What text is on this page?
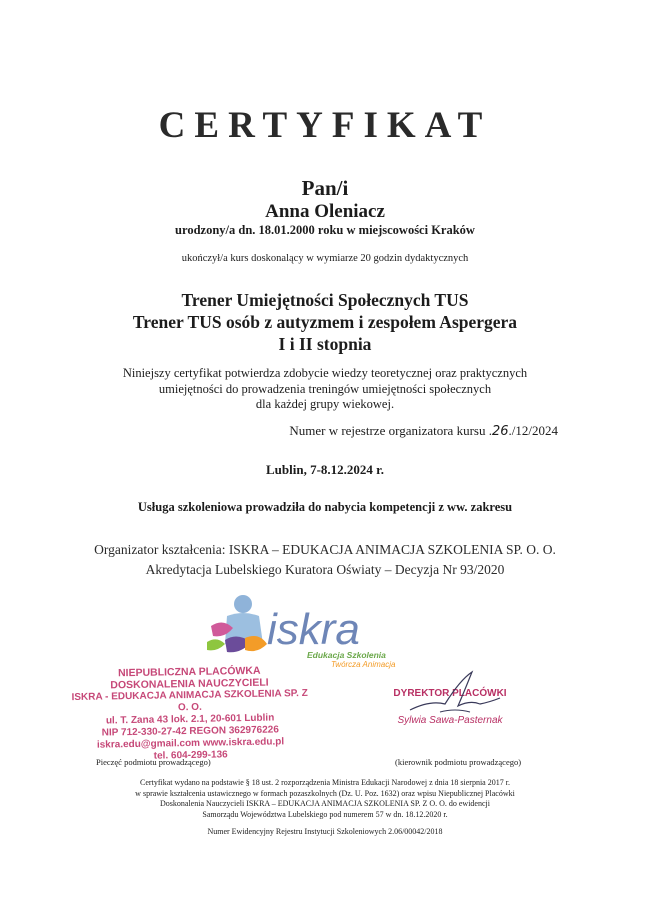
CERTYFIKAT
Pan/i
Anna Oleniacz
urodzony/a dn. 18.01.2000 roku w miejscowości Kraków
ukończył/a kurs doskonalący w wymiarze 20 godzin dydaktycznych
Trener Umiejętności Społecznych TUS
Trener TUS osób z autyzmem i zespołem Aspergera
I i II stopnia
Niniejszy certyfikat potwierdza zdobycie wiedzy teoretycznej oraz praktycznych
umiejętności do prowadzenia treningów umiejętności społecznych
dla każdej grupy wiekowej.
Numer w rejestrze organizatora kursu .26./12/2024
Lublin, 7-8.12.2024 r.
Usługa szkoleniowa prowadziła do nabycia kompetencji z ww. zakresu
Organizator kształcenia: ISKRA – EDUKACJA ANIMACJA SZKOLENIA SP. O. O.
Akredytacja Lubelskiego Kuratora Oświaty – Decyzja Nr 93/2020
iskra
Edukacja Szkolenia
Twórcza Animacja
NIEPUBLICZNA PLACÓWKA
DOSKONALENIA NAUCZYCIELI
ISKRA - EDUKACJA ANIMACJA SZKOLENIA SP. Z O. O.
ul. T. Zana 43 lok. 2.1, 20-601 Lublin
NIP 712-330-27-42 REGON 362976226
iskra.edu@gmail.com www.iskra.edu.pl
tel. 604-299-136
DYREKTOR PLACÓWKI
Sylwia Sawa-Pasternak
Pieczęć podmiotu prowadzącego)	(kierownik podmiotu prowadzącego)
Certyfikat wydano na podstawie § 18 ust. 2 rozporządzenia Ministra Edukacji Narodowej z dnia 18 sierpnia 2017 r.
w sprawie kształcenia ustawicznego w formach pozaszkolnych (Dz. U. Poz. 1632) oraz wpisu Niepublicznej Placówki
Doskonalenia Nauczycieli ISKRA – EDUKACJA ANIMACJA SZKOLENIA SP. Z O. O. do ewidencji
Samorządu Województwa Lubelskiego pod numerem 57 w dn. 18.12.2020 r.
Numer Ewidencyjny Rejestru Instytucji Szkoleniowych 2.06/00042/2018
